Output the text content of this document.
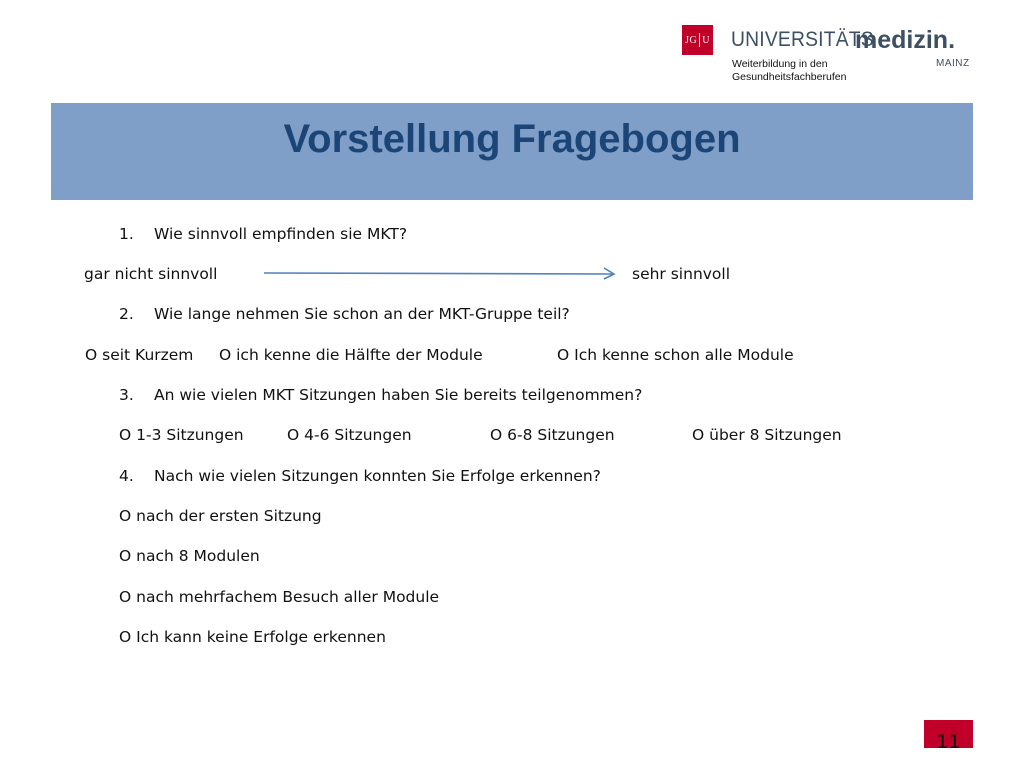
JG U UNIVERSITÄTS
medizin.
MAINZ
Weiterbildung in den
Gesundheitsfachberufen
Vorstellung Fragebogen
1. Wie sinnvoll empfinden sie MKT?
gar nicht sinnvoll	sehr sinnvoll
2. Wie lange nehmen Sie schon an der MKT-Gruppe teil?
O seit Kurzem O ich kenne die Hälfte der Module	O Ich kenne schon alle Module
3. An wie vielen MKT Sitzungen haben Sie bereits teilgenommen?
O 1-3 Sitzungen	O 4-6 Sitzungen	O 6-8 Sitzungen	O über 8 Sitzungen
4. Nach wie vielen Sitzungen konnten Sie Erfolge erkennen?
O nach der ersten Sitzung
O nach 8 Modulen
O nach mehrfachem Besuch aller Module
O Ich kann keine Erfolge erkennen
11
